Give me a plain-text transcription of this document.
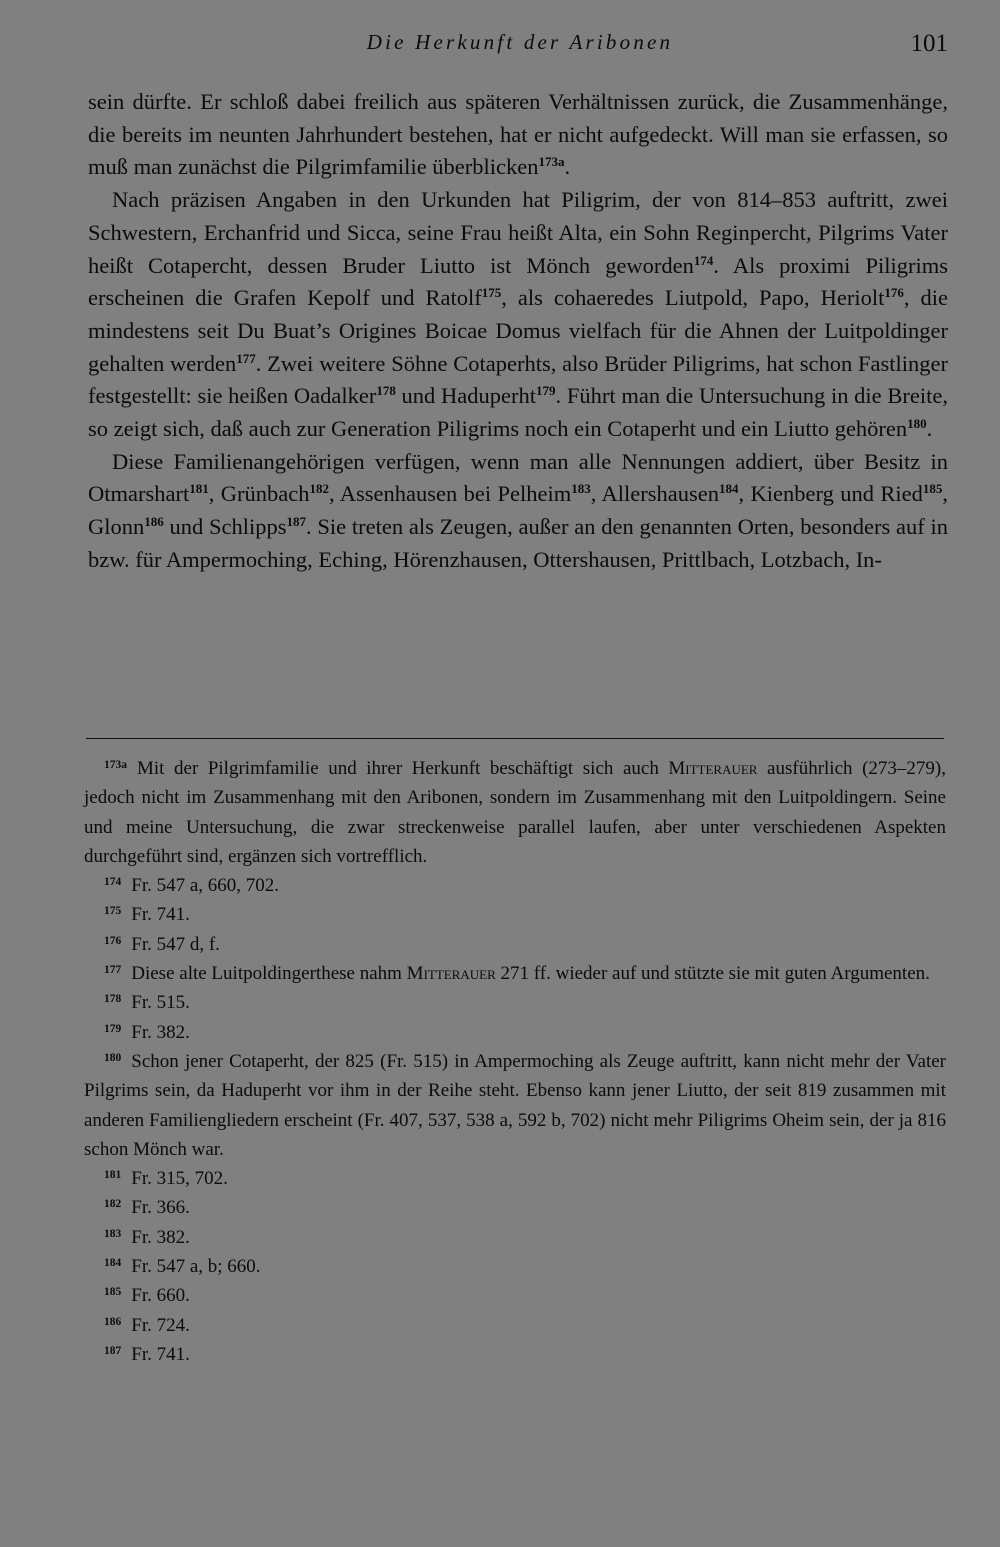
Die Herkunft der Aribonen	101

sein dürfte. Er schloß dabei freilich aus späteren Verhältnissen zurück, die Zusammenhänge, die bereits im neunten Jahrhundert bestehen, hat er nicht aufgedeckt. Will man sie erfassen, so muß man zunächst die Pilgrimfamilie überblicken$^{173a}$.

Nach präzisen Angaben in den Urkunden hat Piligrim, der von 814–853 auftritt, zwei Schwestern, Erchanfrid und Sicca, seine Frau heißt Alta, ein Sohn Reginpercht, Pilgrims Vater heißt Cotapercht, dessen Bruder Liutto ist Mönch geworden$^{174}$. Als proximi Piligrims erscheinen die Grafen Kepolf und Ratolf$^{175}$, als cohaeredes Liutpold, Papo, Heriolt$^{176}$, die mindestens seit Du Buat’s Origines Boicae Domus vielfach für die Ahnen der Luitpoldinger gehalten werden$^{177}$. Zwei weitere Söhne Cotaperhts, also Brüder Piligrims, hat schon Fastlinger festgestellt: sie heißen Oadalker$^{178}$ und Haduperht$^{179}$. Führt man die Untersuchung in die Breite, so zeigt sich, daß auch zur Generation Piligrims noch ein Cotaperht und ein Liutto gehören$^{180}$.

Diese Familienangehörigen verfügen, wenn man alle Nennungen addiert, über Besitz in Otmarshart$^{181}$, Grünbach$^{182}$, Assenhausen bei Pelheim$^{183}$, Allershausen$^{184}$, Kienberg und Ried$^{185}$, Glonn$^{186}$ und Schlipps$^{187}$. Sie treten als Zeugen, außer an den genannten Orten, besonders auf in bzw. für Ampermoching, Eching, Hörenzhausen, Ottershausen, Prittlbach, Lotzbach, In-

$^{173a}$ Mit der Pilgrimfamilie und ihrer Herkunft beschäftigt sich auch Mitterauer ausführlich (273–279), jedoch nicht im Zusammenhang mit den Aribonen, sondern im Zusammenhang mit den Luitpoldingern. Seine und meine Untersuchung, die zwar streckenweise parallel laufen, aber unter verschiedenen Aspekten durchgeführt sind, ergänzen sich vortrefflich.

$^{174}$ Fr. 547 a, 660, 702.

$^{175}$ Fr. 741.

$^{176}$ Fr. 547 d, f.

$^{177}$ Diese alte Luitpoldingerthese nahm Mitterauer 271 ff. wieder auf und stützte sie mit guten Argumenten.

$^{178}$ Fr. 515.

$^{179}$ Fr. 382.

$^{180}$ Schon jener Cotaperht, der 825 (Fr. 515) in Ampermoching als Zeuge auftritt, kann nicht mehr der Vater Pilgrims sein, da Haduperht vor ihm in der Reihe steht. Ebenso kann jener Liutto, der seit 819 zusammen mit anderen Familiengliedern erscheint (Fr. 407, 537, 538 a, 592 b, 702) nicht mehr Piligrims Oheim sein, der ja 816 schon Mönch war.

$^{181}$ Fr. 315, 702.

$^{182}$ Fr. 366.

$^{183}$ Fr. 382.

$^{184}$ Fr. 547 a, b; 660.

$^{185}$ Fr. 660.

$^{186}$ Fr. 724.

$^{187}$ Fr. 741.
